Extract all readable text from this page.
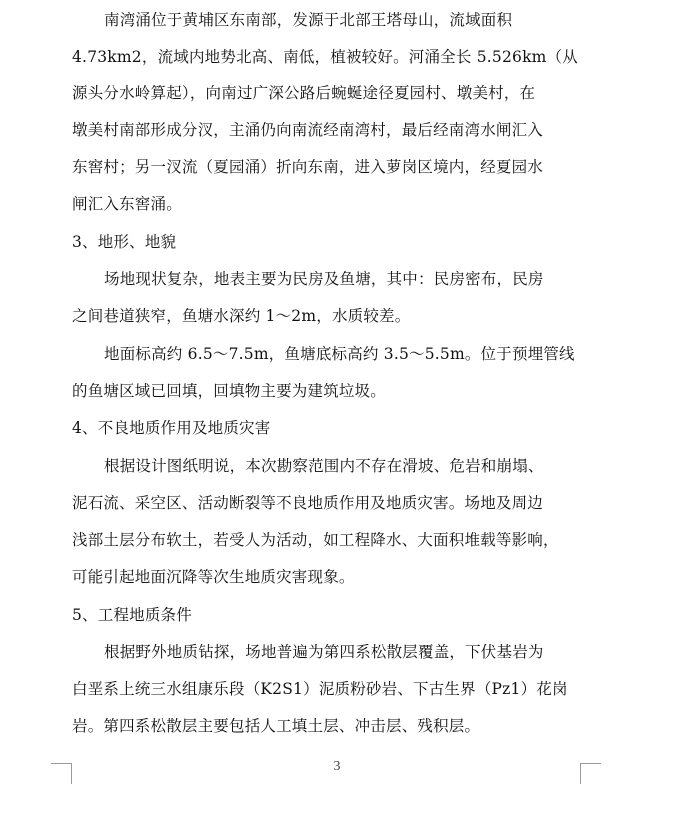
南湾涌位于黄埔区东南部，发源于北部王塔母山，流域面积
4.73km2，流域内地势北高、南低，植被较好。河涌全长 5.526km（从
源头分水岭算起），向南过广深公路后蜿蜒途径夏园村、墩美村，在
墩美村南部形成分汊，主涌仍向南流经南湾村，最后经南湾水闸汇入
东窖村；另一汊流（夏园涌）折向东南，进入萝岗区境内，经夏园水
闸汇入东窖涌。
3、地形、地貌
场地现状复杂，地表主要为民房及鱼塘，其中：民房密布，民房
之间巷道狭窄，鱼塘水深约 1～2m，水质较差。
地面标高约 6.5～7.5m，鱼塘底标高约 3.5～5.5m。位于预埋管线
的鱼塘区域已回填，回填物主要为建筑垃圾。
4、不良地质作用及地质灾害
根据设计图纸明说，本次勘察范围内不存在滑坡、危岩和崩塌、
泥石流、采空区、活动断裂等不良地质作用及地质灾害。场地及周边
浅部土层分布软土，若受人为活动，如工程降水、大面积堆载等影响，
可能引起地面沉降等次生地质灾害现象。
5、工程地质条件
根据野外地质钻探，场地普遍为第四系松散层覆盖，下伏基岩为
白垩系上统三水组康乐段（K2S1）泥质粉砂岩、下古生界（Pz1）花岗
岩。第四系松散层主要包括人工填土层、冲击层、残积层。
3
